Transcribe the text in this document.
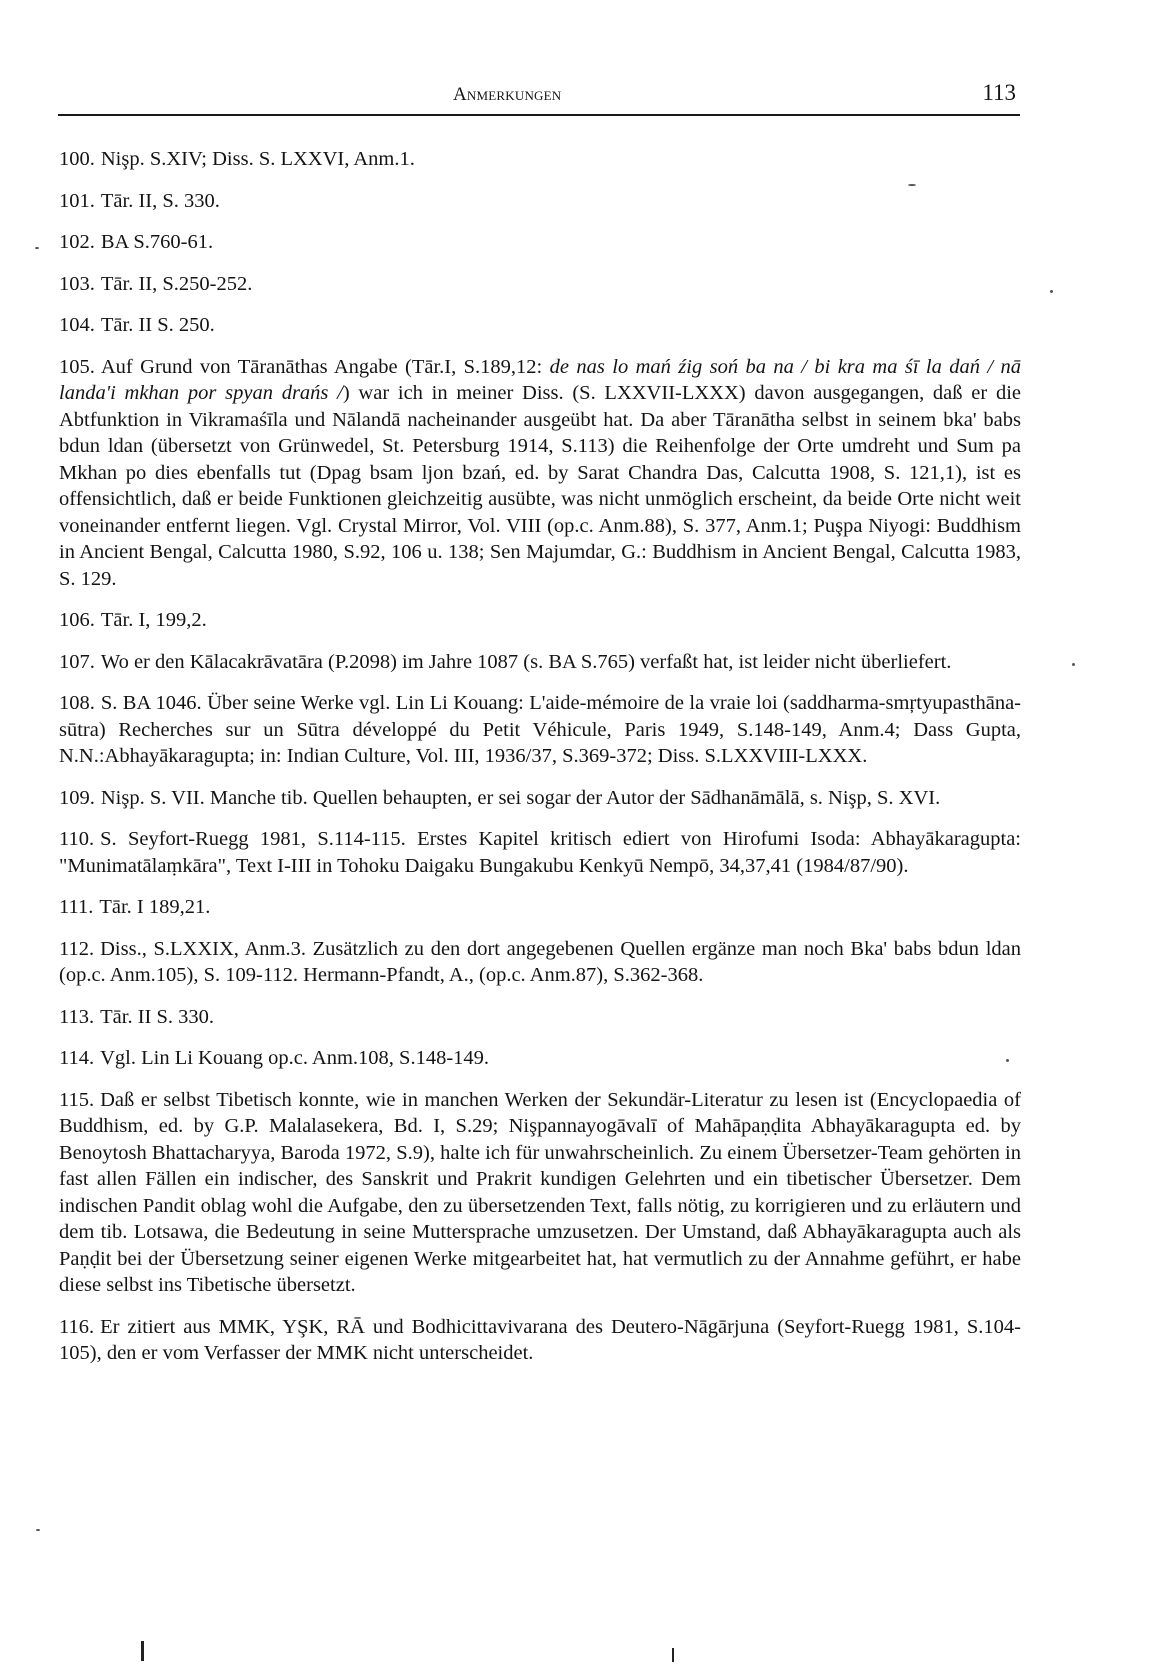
Anmerkungen	113

100. Nişp. S.XIV; Diss. S. LXXVI, Anm.1.

101. Tār. II, S. 330.

102. BA S.760-61.

103. Tār. II, S.250-252.

104. Tār. II S. 250.

105. Auf Grund von Tāranāthas Angabe (Tār.I, S.189,12: de nas lo mań źig soń ba na / bi kra ma śī la dań / nā landa'i mkhan por spyan drańs /) war ich in meiner Diss. (S. LXXVII-LXXX) davon ausgegangen, daß er die Abtfunktion in Vikramaśīla und Nālandā nacheinander ausgeübt hat. Da aber Tāranātha selbst in seinem bka' babs bdun ldan (übersetzt von Grünwedel, St. Petersburg 1914, S.113) die Reihenfolge der Orte umdreht und Sum pa Mkhan po dies ebenfalls tut (Dpag bsam ljon bzań, ed. by Sarat Chandra Das, Calcutta 1908, S. 121,1), ist es offensichtlich, daß er beide Funktionen gleichzeitig ausübte, was nicht unmöglich erscheint, da beide Orte nicht weit voneinander entfernt liegen. Vgl. Crystal Mirror, Vol. VIII (op.c. Anm.88), S. 377, Anm.1; Puşpa Niyogi: Buddhism in Ancient Bengal, Calcutta 1980, S.92, 106 u. 138; Sen Majumdar, G.: Buddhism in Ancient Bengal, Calcutta 1983, S. 129.

106. Tār. I, 199,2.

107. Wo er den Kālacakrāvatāra (P.2098) im Jahre 1087 (s. BA S.765) verfaßt hat, ist leider nicht überliefert.

108. S. BA 1046. Über seine Werke vgl. Lin Li Kouang: L'aide-mémoire de la vraie loi (saddharma-smŗtyupasthāna-sūtra) Recherches sur un Sūtra développé du Petit Véhicule, Paris 1949, S.148-149, Anm.4; Dass Gupta, N.N.:Abhayākaragupta; in: Indian Culture, Vol. III, 1936/37, S.369-372; Diss. S.LXXVIII-LXXX.

109. Nişp. S. VII. Manche tib. Quellen behaupten, er sei sogar der Autor der Sādhanāmālā, s. Nişp, S. XVI.

110. S. Seyfort-Ruegg 1981, S.114-115. Erstes Kapitel kritisch ediert von Hirofumi Isoda: Abhayākaragupta: "Munimatālaṃkāra", Text I-III in Tohoku Daigaku Bungakubu Kenkyū Nempō, 34,37,41 (1984/87/90).

111. Tār. I 189,21.

112. Diss., S.LXXIX, Anm.3. Zusätzlich zu den dort angegebenen Quellen ergänze man noch Bka' babs bdun ldan (op.c. Anm.105), S. 109-112. Hermann-Pfandt, A., (op.c. Anm.87), S.362-368.

113. Tār. II S. 330.

114. Vgl. Lin Li Kouang op.c. Anm.108, S.148-149.

115. Daß er selbst Tibetisch konnte, wie in manchen Werken der Sekundär-Literatur zu lesen ist (Encyclopaedia of Buddhism, ed. by G.P. Malalasekera, Bd. I, S.29; Nişpannayogāvalī of Mahāpaṇḍita Abhayākaragupta ed. by Benoytosh Bhattacharyya, Baroda 1972, S.9), halte ich für unwahrscheinlich. Zu einem Übersetzer-Team gehörten in fast allen Fällen ein indischer, des Sanskrit und Prakrit kundigen Gelehrten und ein tibetischer Übersetzer. Dem indischen Pandit oblag wohl die Aufgabe, den zu übersetzenden Text, falls nötig, zu korrigieren und zu erläutern und dem tib. Lotsawa, die Bedeutung in seine Muttersprache umzusetzen. Der Umstand, daß Abhayākaragupta auch als Paṇḍit bei der Übersetzung seiner eigenen Werke mitgearbeitet hat, hat vermutlich zu der Annahme geführt, er habe diese selbst ins Tibetische übersetzt.

116. Er zitiert aus MMK, YŞK, RĀ und Bodhicittavivarana des Deutero-Nāgārjuna (Seyfort-Ruegg 1981, S.104-105), den er vom Verfasser der MMK nicht unterscheidet.
